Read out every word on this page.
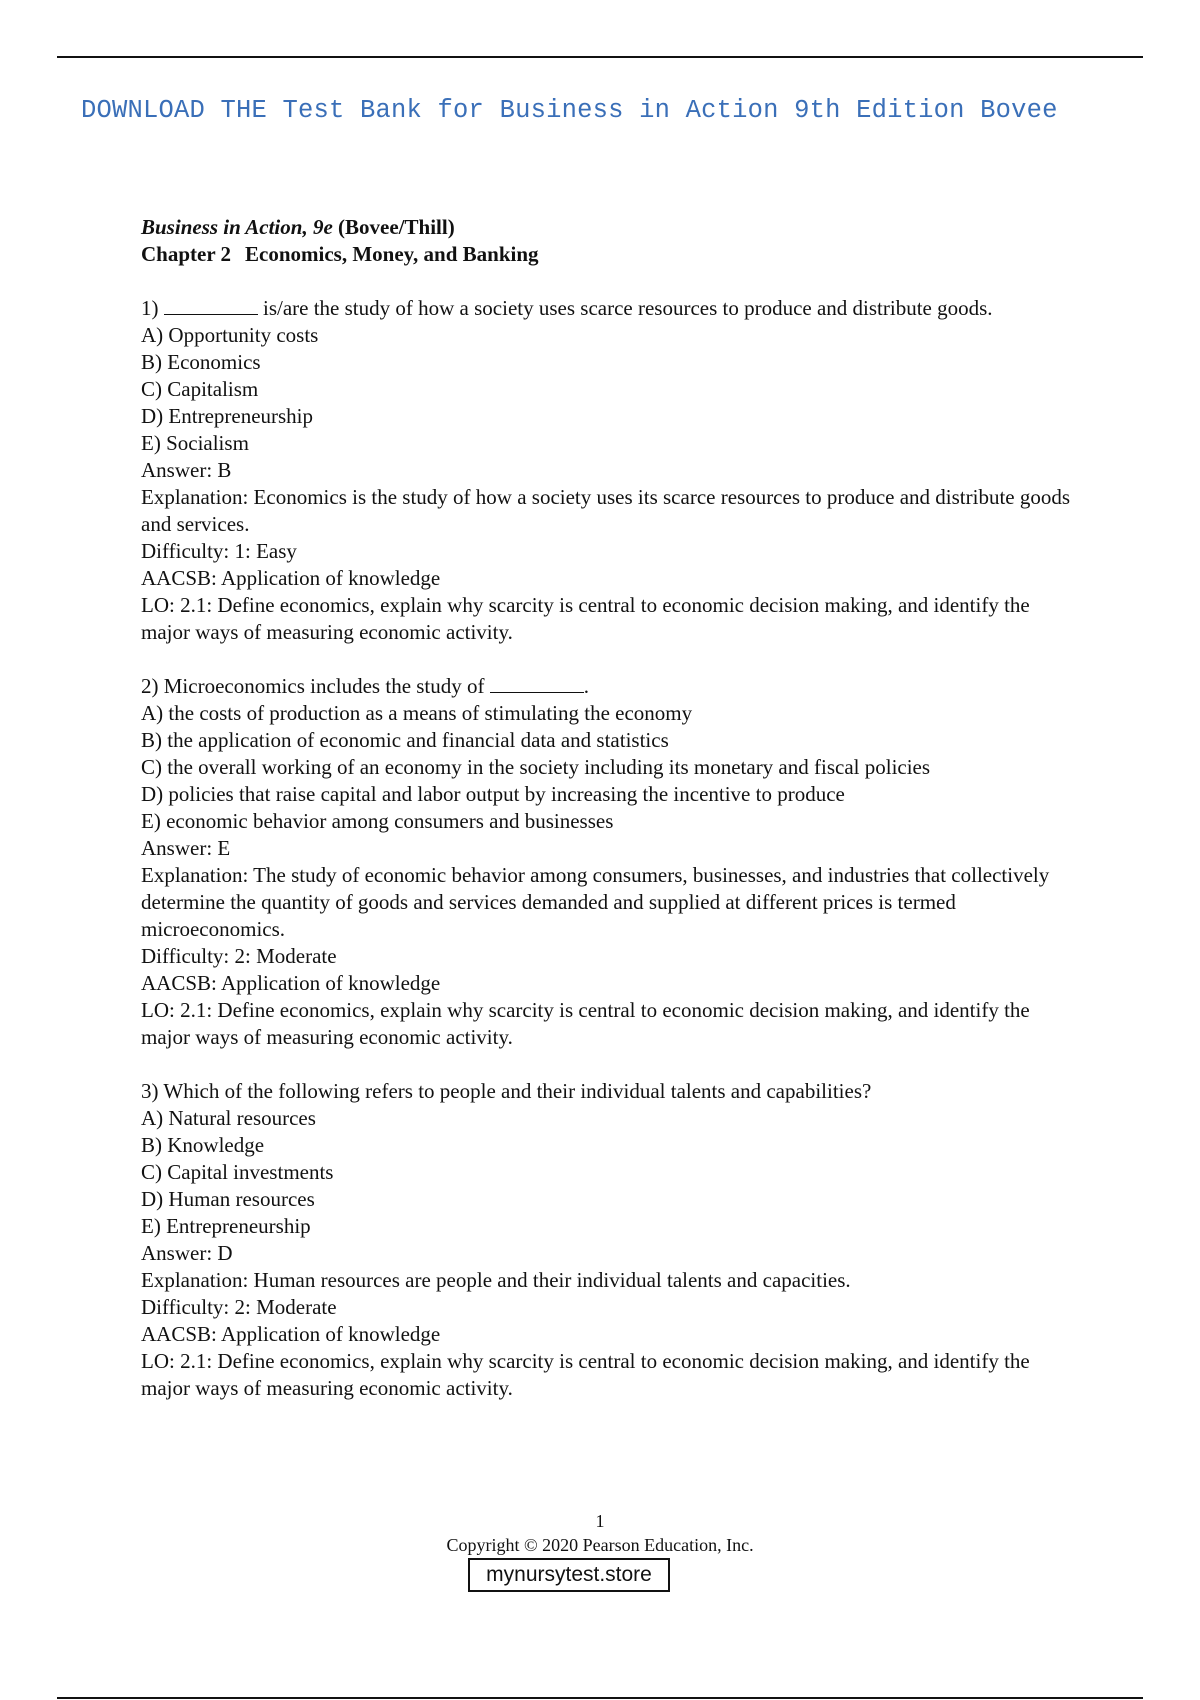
DOWNLOAD THE Test Bank for Business in Action 9th Edition Bovee

Business in Action, 9e (Bovee/Thill)

Chapter 2 Economics, Money, and Banking

1)	is/are the study of how a society uses scarce resources to produce and distribute goods.

A) Opportunity costs

B) Economics

C) Capitalism

D) Entrepreneurship

E) Socialism

Answer: B

Explanation: Economics is the study of how a society uses its scarce resources to produce and distribute goods and services.

Difficulty: 1: Easy

AACSB: Application of knowledge

LO: 2.1: Define economics, explain why scarcity is central to economic decision making, and identify the major ways of measuring economic activity.

2) Microeconomics includes the study of	.

A) the costs of production as a means of stimulating the economy

B) the application of economic and financial data and statistics

C) the overall working of an economy in the society including its monetary and fiscal policies

D) policies that raise capital and labor output by increasing the incentive to produce

E) economic behavior among consumers and businesses

Answer: E

Explanation: The study of economic behavior among consumers, businesses, and industries that collectively determine the quantity of goods and services demanded and supplied at different prices is termed microeconomics.

Difficulty: 2: Moderate

AACSB: Application of knowledge

LO: 2.1: Define economics, explain why scarcity is central to economic decision making, and identify the major ways of measuring economic activity.

3) Which of the following refers to people and their individual talents and capabilities?

A) Natural resources

B) Knowledge

C) Capital investments

D) Human resources

E) Entrepreneurship

Answer: D

Explanation: Human resources are people and their individual talents and capacities.

Difficulty: 2: Moderate

AACSB: Application of knowledge

LO: 2.1: Define economics, explain why scarcity is central to economic decision making, and identify the major ways of measuring economic activity.

1
Copyright © 2020 Pearson Education, Inc.
mynursytest.store
